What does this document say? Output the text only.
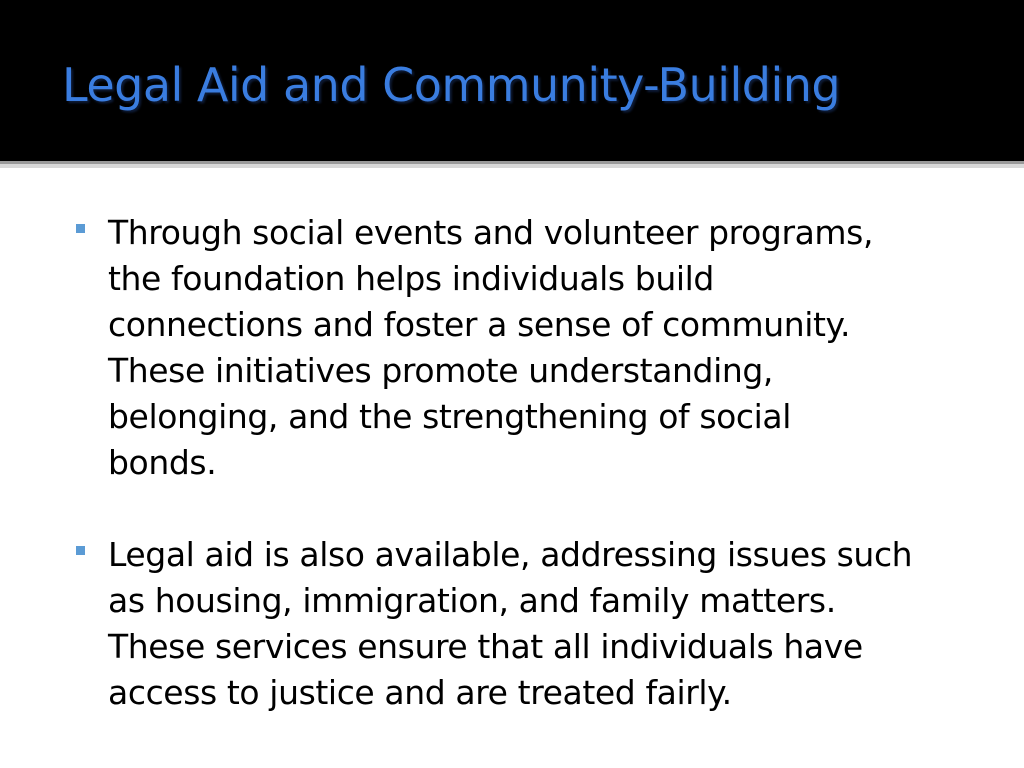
Legal Aid and Community-Building

Through social events and volunteer programs,
the foundation helps individuals build
connections and foster a sense of community.
These initiatives promote understanding,
belonging, and the strengthening of social
bonds.

Legal aid is also available, addressing issues such
as housing, immigration, and family matters.
These services ensure that all individuals have
access to justice and are treated fairly.
